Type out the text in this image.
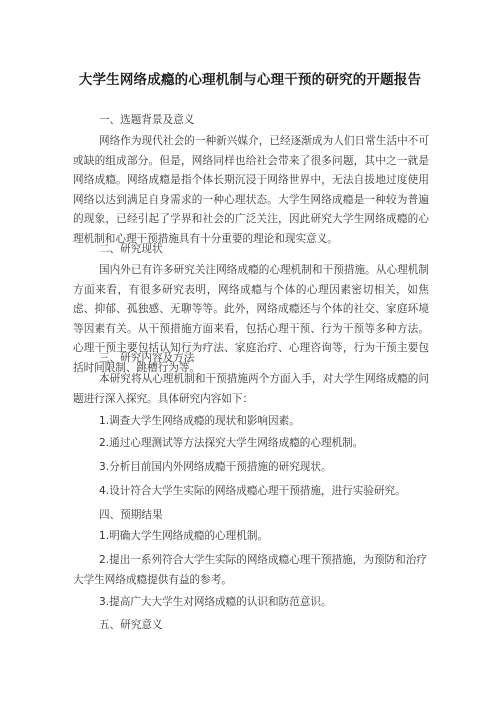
大学生网络成瘾的心理机制与心理干预的研究的开题报告
一、选题背景及意义
网络作为现代社会的一种新兴媒介，已经逐渐成为人们日常生活中不可或缺的组成部分。但是，网络同样也给社会带来了很多问题，其中之一就是网络成瘾。网络成瘾是指个体长期沉浸于网络世界中，无法自拔地过度使用网络以达到满足自身需求的一种心理状态。大学生网络成瘾是一种较为普遍的现象，已经引起了学界和社会的广泛关注，因此研究大学生网络成瘾的心理机制和心理干预措施具有十分重要的理论和现实意义。
二、研究现状
国内外已有许多研究关注网络成瘾的心理机制和干预措施。从心理机制方面来看，有很多研究表明，网络成瘾与个体的心理因素密切相关，如焦虑、抑郁、孤独感、无聊等等。此外，网络成瘾还与个体的社交、家庭环境等因素有关。从干预措施方面来看，包括心理干预、行为干预等多种方法。心理干预主要包括认知行为疗法、家庭治疗、心理咨询等，行为干预主要包括时间限制、跳槽行为等。
三、研究内容及方法
本研究将从心理机制和干预措施两个方面入手，对大学生网络成瘾的问题进行深入探究。具体研究内容如下：
1.调查大学生网络成瘾的现状和影响因素。
2.通过心理测试等方法探究大学生网络成瘾的心理机制。
3.分析目前国内外网络成瘾干预措施的研究现状。
4.设计符合大学生实际的网络成瘾心理干预措施，进行实验研究。
四、预期结果
1.明确大学生网络成瘾的心理机制。
2.提出一系列符合大学生实际的网络成瘾心理干预措施，为预防和治疗大学生网络成瘾提供有益的参考。
3.提高广大大学生对网络成瘾的认识和防范意识。
五、研究意义
